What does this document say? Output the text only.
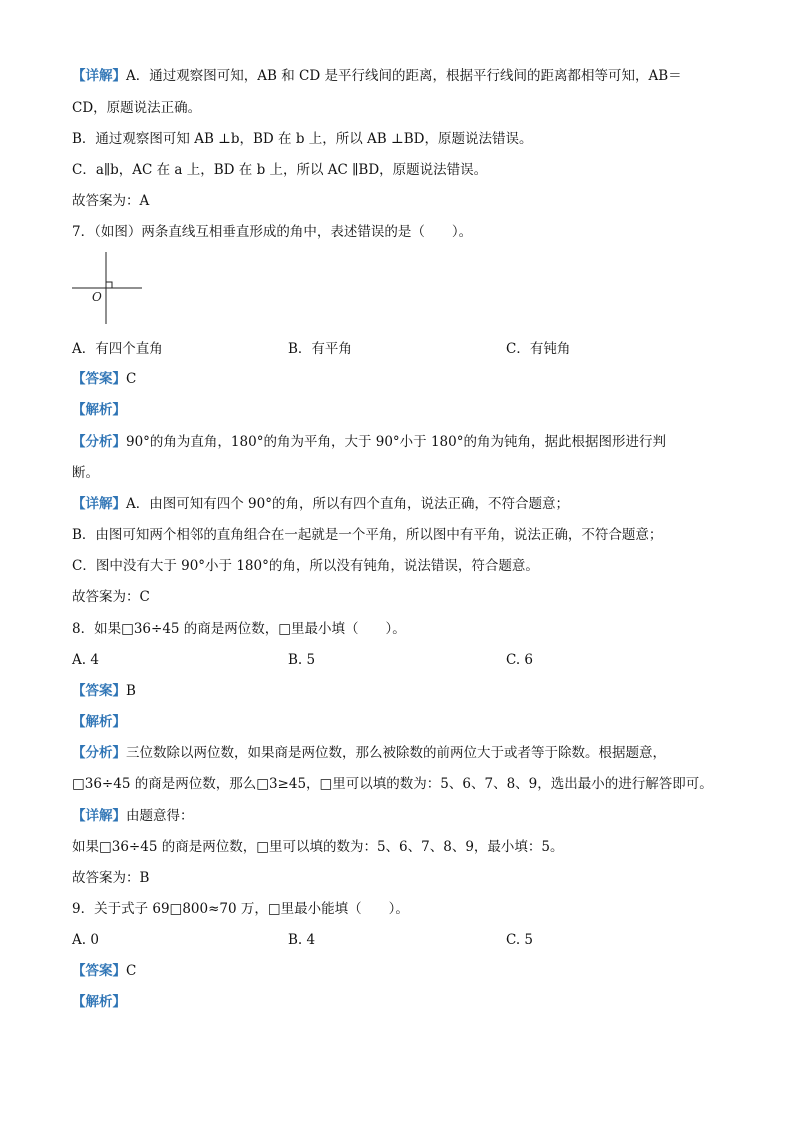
【详解】A．通过观察图可知，AB 和 CD 是平行线间的距离，根据平行线间的距离都相等可知，AB＝
CD，原题说法正确。
B．通过观察图可知 AB ⊥b，BD 在 b 上，所以 AB ⊥BD，原题说法错误。
C．a∥b，AC 在 a 上，BD 在 b 上，所以 AC ∥BD，原题说法错误。
故答案为：A
7．（如图）两条直线互相垂直形成的角中，表述错误的是（　　）。
O
A．有四个直角	B．有平角	C．有钝角
【答案】C
【解析】
【分析】90°的角为直角，180°的角为平角，大于 90°小于 180°的角为钝角，据此根据图形进行判
断。
【详解】A．由图可知有四个 90°的角，所以有四个直角，说法正确，不符合题意；
B．由图可知两个相邻的直角组合在一起就是一个平角，所以图中有平角，说法正确，不符合题意；
C．图中没有大于 90°小于 180°的角，所以没有钝角，说法错误，符合题意。
故答案为：C
8．如果□36÷45 的商是两位数，□里最小填（　　）。
A. 4	B. 5	C. 6
【答案】B
【解析】
【分析】三位数除以两位数，如果商是两位数，那么被除数的前两位大于或者等于除数。根据题意，
□36÷45 的商是两位数，那么□3≥45，□里可以填的数为：5、6、7、8、9，选出最小的进行解答即可。
【详解】由题意得：
如果□36÷45 的商是两位数，□里可以填的数为：5、6、7、8、9，最小填：5。
故答案为：B
9．关于式子 69□800≈70 万，□里最小能填（　　）。
A. 0	B. 4	C. 5
【答案】C
【解析】
